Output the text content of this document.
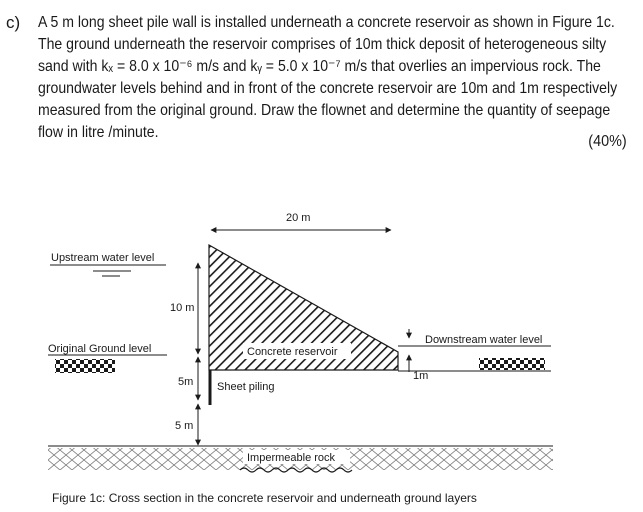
c) A 5 m long sheet pile wall is installed underneath a concrete reservoir as shown in Figure 1c.

The ground underneath the reservoir comprises of 10m thick deposit of heterogeneous silty

sand with kₓ = 8.0 x 10⁻⁶ m/s and kᵧ = 5.0 x 10⁻⁷ m/s that overlies an impervious rock. The

groundwater levels behind and in front of the concrete reservoir are 10m and 1m respectively

measured from the original ground. Draw the flownet and determine the quantity of seepage

flow in litre /minute.

(40%)
20 m
Upstream water level
Original Ground level
10 m
5m
5 m
Concrete reservoir
Sheet piling
Downstream water level
1m
Impermeable rock
Figure 1c: Cross section in the concrete reservoir and underneath ground layers
